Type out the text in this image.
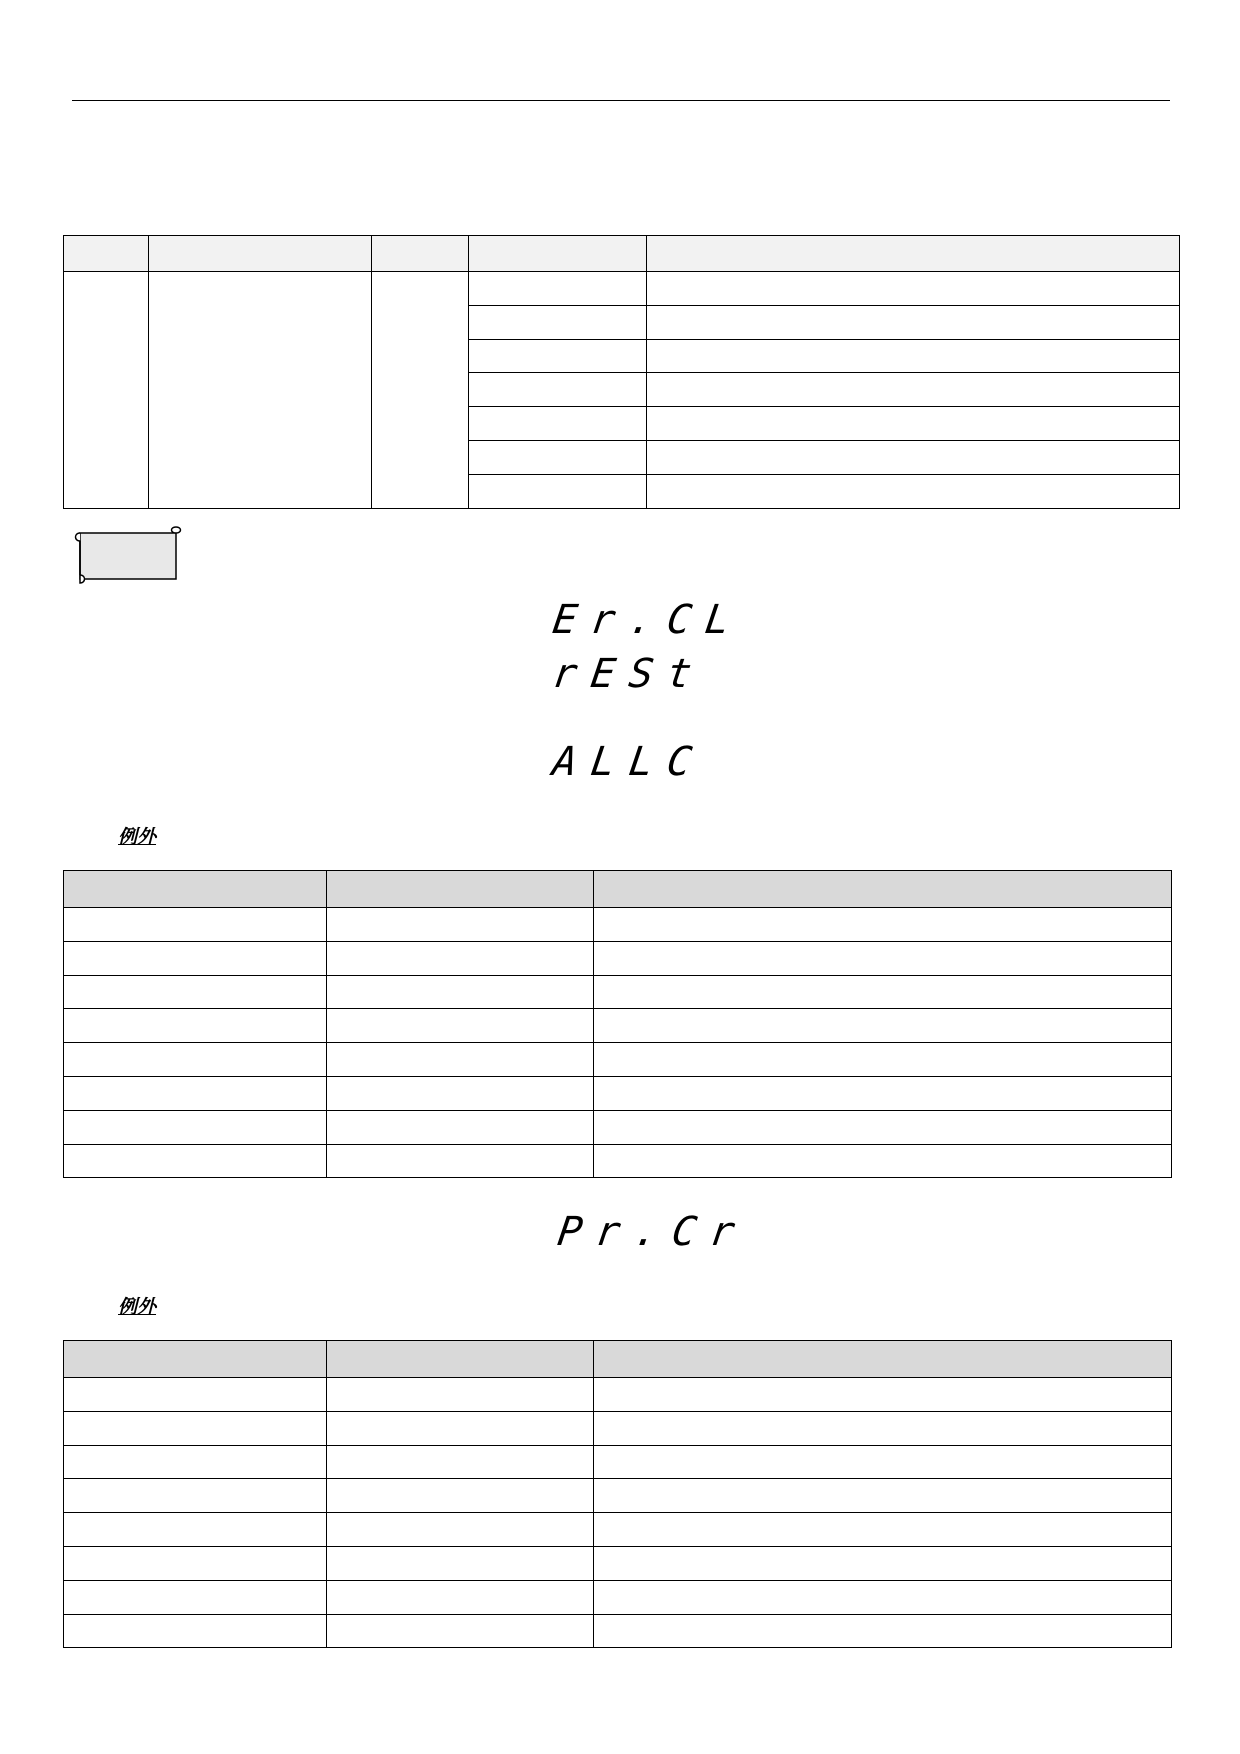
Er.CL
rESt
ALLC
例外

Pr.Cr
例外
